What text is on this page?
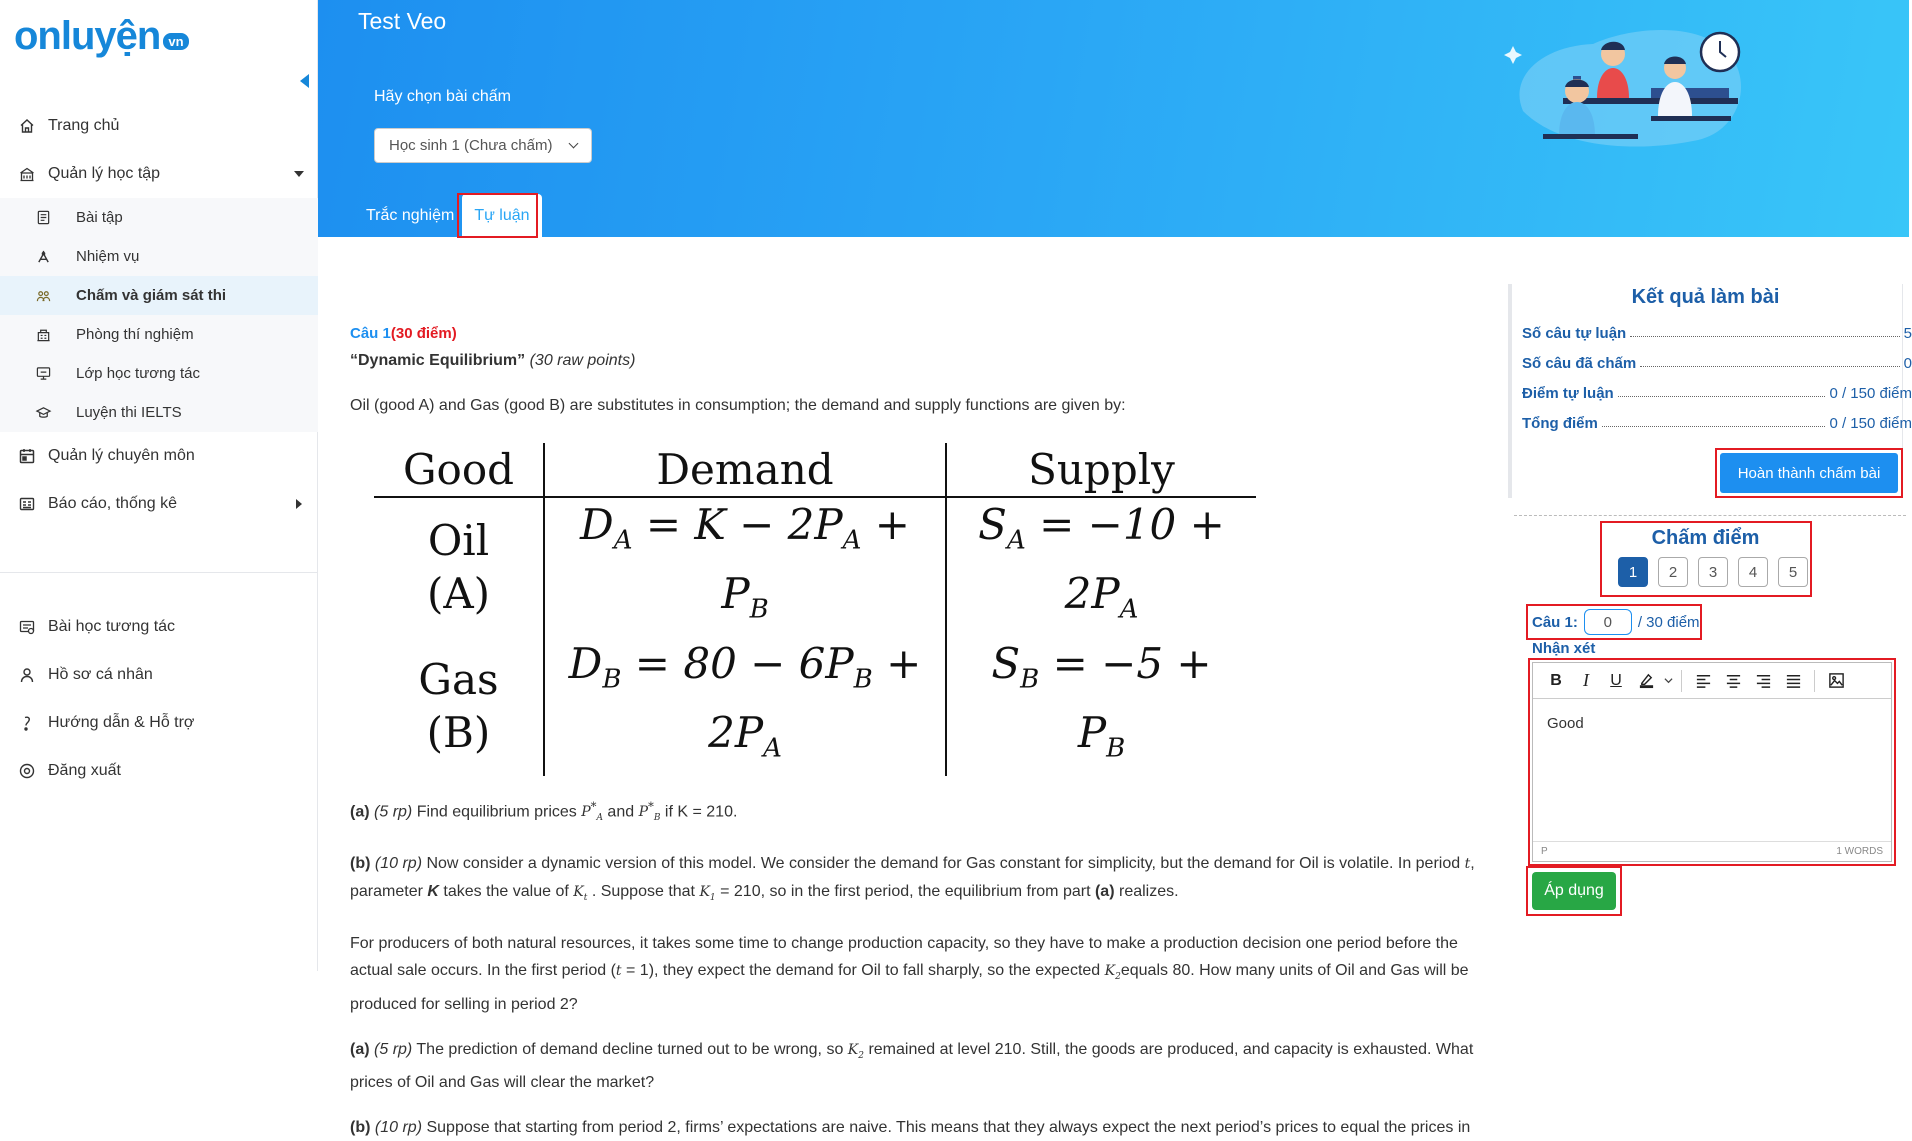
onluyện vn
Trang chủ
Quản lý học tập
Bài tập
Nhiệm vụ
Chấm và giám sát thi
Phòng thí nghiệm
Lớp học tương tác
Luyện thi IELTS
Quản lý chuyên môn
Báo cáo, thống kê
Bài học tương tác
Hồ sơ cá nhân
Hướng dẫn & Hỗ trợ
Đăng xuất
Test Veo
Hãy chọn bài chấm
Học sinh 1 (Chưa chấm)
Trắc nghiệm	Tự luận
Câu 1(30 điểm)
“Dynamic Equilibrium” (30 raw points)

Oil (good A) and Gas (good B) are substitutes in consumption; the demand and supply functions are given by:

Good	Demand	Supply
Oil (A)	$D_A = K - 2P_A + P_B$	$S_A = -10 + 2P_A$
Gas (B)	$D_B = 80 - 6P_B + 2P_A$	$S_B = -5 + P_B$

(a) (5 rp) Find equilibrium prices $P^*_A$ and $P^*_B$ if K = 210.

(b) (10 rp) Now consider a dynamic version of this model. We consider the demand for Gas constant for simplicity, but the demand for Oil is volatile. In period t, parameter K takes the value of $K_t$ . Suppose that $K_1 = 210$, so in the first period, the equilibrium from part (a) realizes.

For producers of both natural resources, it takes some time to change production capacity, so they have to make a production decision one period before the actual sale occurs. In the first period (t = 1), they expect the demand for Oil to fall sharply, so the expected $K_2equals$ 80. How many units of Oil and Gas will be produced for selling in period 2?

(a) (5 rp) The prediction of demand decline turned out to be wrong, so $K_2$ remained at level 210. Still, the goods are produced, and capacity is exhausted. What prices of Oil and Gas will clear the market?

(b) (10 rp) Suppose that starting from period 2, firms’ expectations are naive. This means that they always expect the next period’s prices to equal the prices in

Kết quả làm bài
Số câu tự luận	5
Số câu đã chấm	0
Điểm tự luận	0 / 150 điểm
Tổng điểm	0 / 150 điểm
Hoàn thành chấm bài
Chấm điểm
1	2	3	4	5
Câu 1:
0	/ 30 điểm
Nhận xét
B	I	U
Good
P	1 WORDS
Áp dụng
